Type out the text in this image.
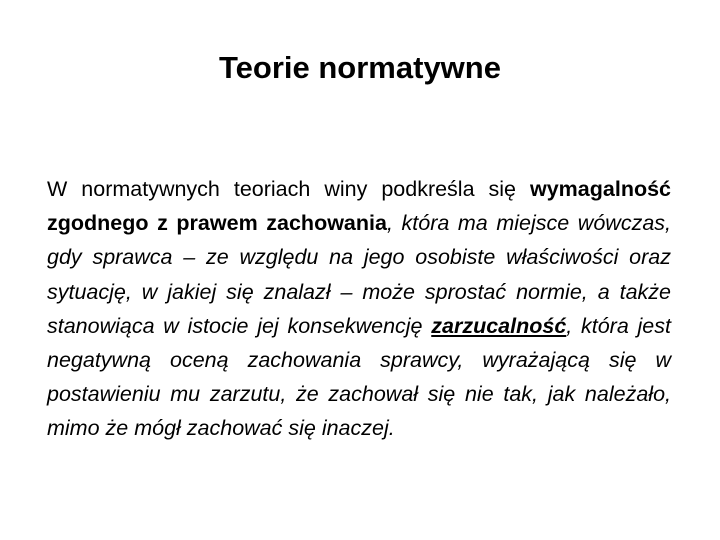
Teorie normatywne

W normatywnych teoriach winy podkreśla się wymagalność zgodnego z prawem zachowania, która ma miejsce wówczas, gdy sprawca – ze względu na jego osobiste właściwości oraz sytuację, w jakiej się znalazł – może sprostać normie, a także stanowiąca w istocie jej konsekwencję zarzucalność, która jest negatywną oceną zachowania sprawcy, wyrażającą się w postawieniu mu zarzutu, że zachował się nie tak, jak należało, mimo że mógł zachować się inaczej.
